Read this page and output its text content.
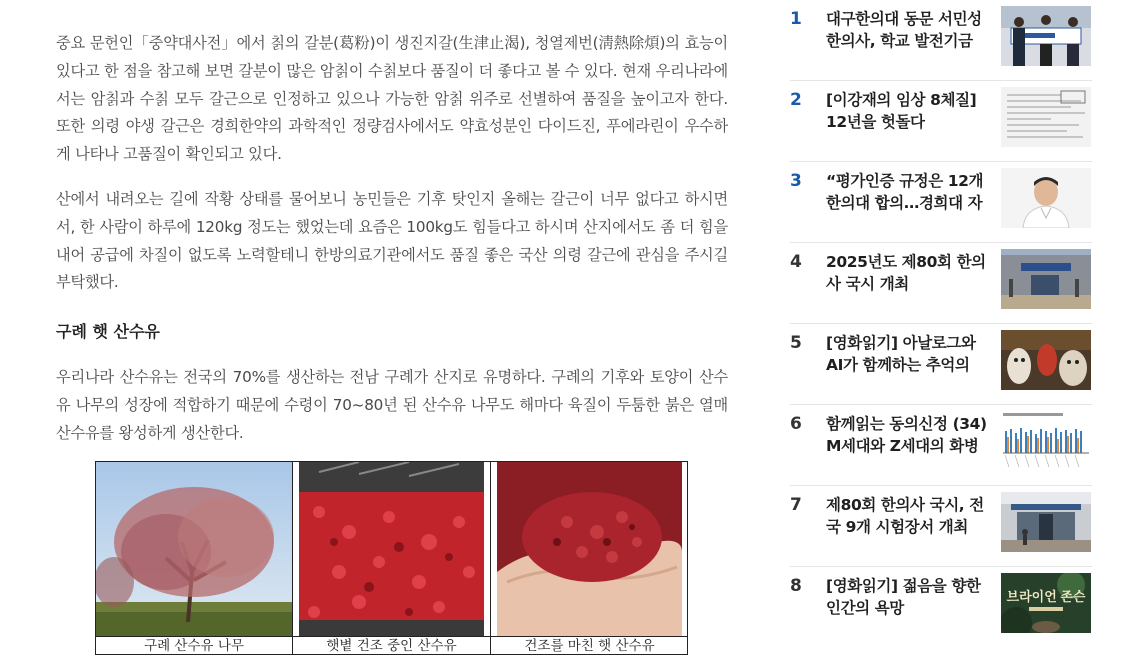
중요 문헌인「중약대사전」에서 칡의 갈분(葛粉)이 생진지갈(生津止渴), 청열제번(淸熱除煩)의 효능이 있다고 한 점을 참고해 보면 갈분이 많은 암칡이 수칡보다 품질이 더 좋다고 볼 수 있다. 현재 우리나라에서는 암칡과 수칡 모두 갈근으로 인정하고 있으나 가능한 암칡 위주로 선별하여 품질을 높이고자 한다. 또한 의령 야생 갈근은 경희한약의 과학적인 정량검사에서도 약효성분인 다이드진, 푸에라린이 우수하게 나타나 고품질이 확인되고 있다.

산에서 내려오는 길에 작황 상태를 물어보니 농민들은 기후 탓인지 올해는 갈근이 너무 없다고 하시면서, 한 사람이 하루에 120kg 정도는 했었는데 요즘은 100kg도 힘들다고 하시며 산지에서도 좀 더 힘을 내어 공급에 차질이 없도록 노력할테니 한방의료기관에서도 품질 좋은 국산 의령 갈근에 관심을 주시길 부탁했다.

구례 햇 산수유

우리나라 산수유는 전국의 70%를 생산하는 전남 구례가 산지로 유명하다. 구례의 기후와 토양이 산수유 나무의 성장에 적합하기 때문에 수령이 70~80년 된 산수유 나무도 해마다 육질이 두툼한 붉은 열매 산수유를 왕성하게 생산한다.

구례 산수유 나무	햇볕 건조 중인 산수유	건조를 마친 햇 산수유
1	대구한의대 동문 서민성 한의사, 학교 발전기금
2	[이강재의 임상 8체질] 12년을 헛돌다
3	“평가인증 규정은 12개 한의대 합의…경희대 자
4	2025년도 제80회 한의사 국시 개최
5	[영화읽기] 아날로그와 AI가 함께하는 추억의
6	함께읽는 동의신정 (34) M세대와 Z세대의 화병
7	제80회 한의사 국시, 전국 9개 시험장서 개최
8	[영화읽기] 젊음을 향한 인간의 욕망
브라이언 존슨
